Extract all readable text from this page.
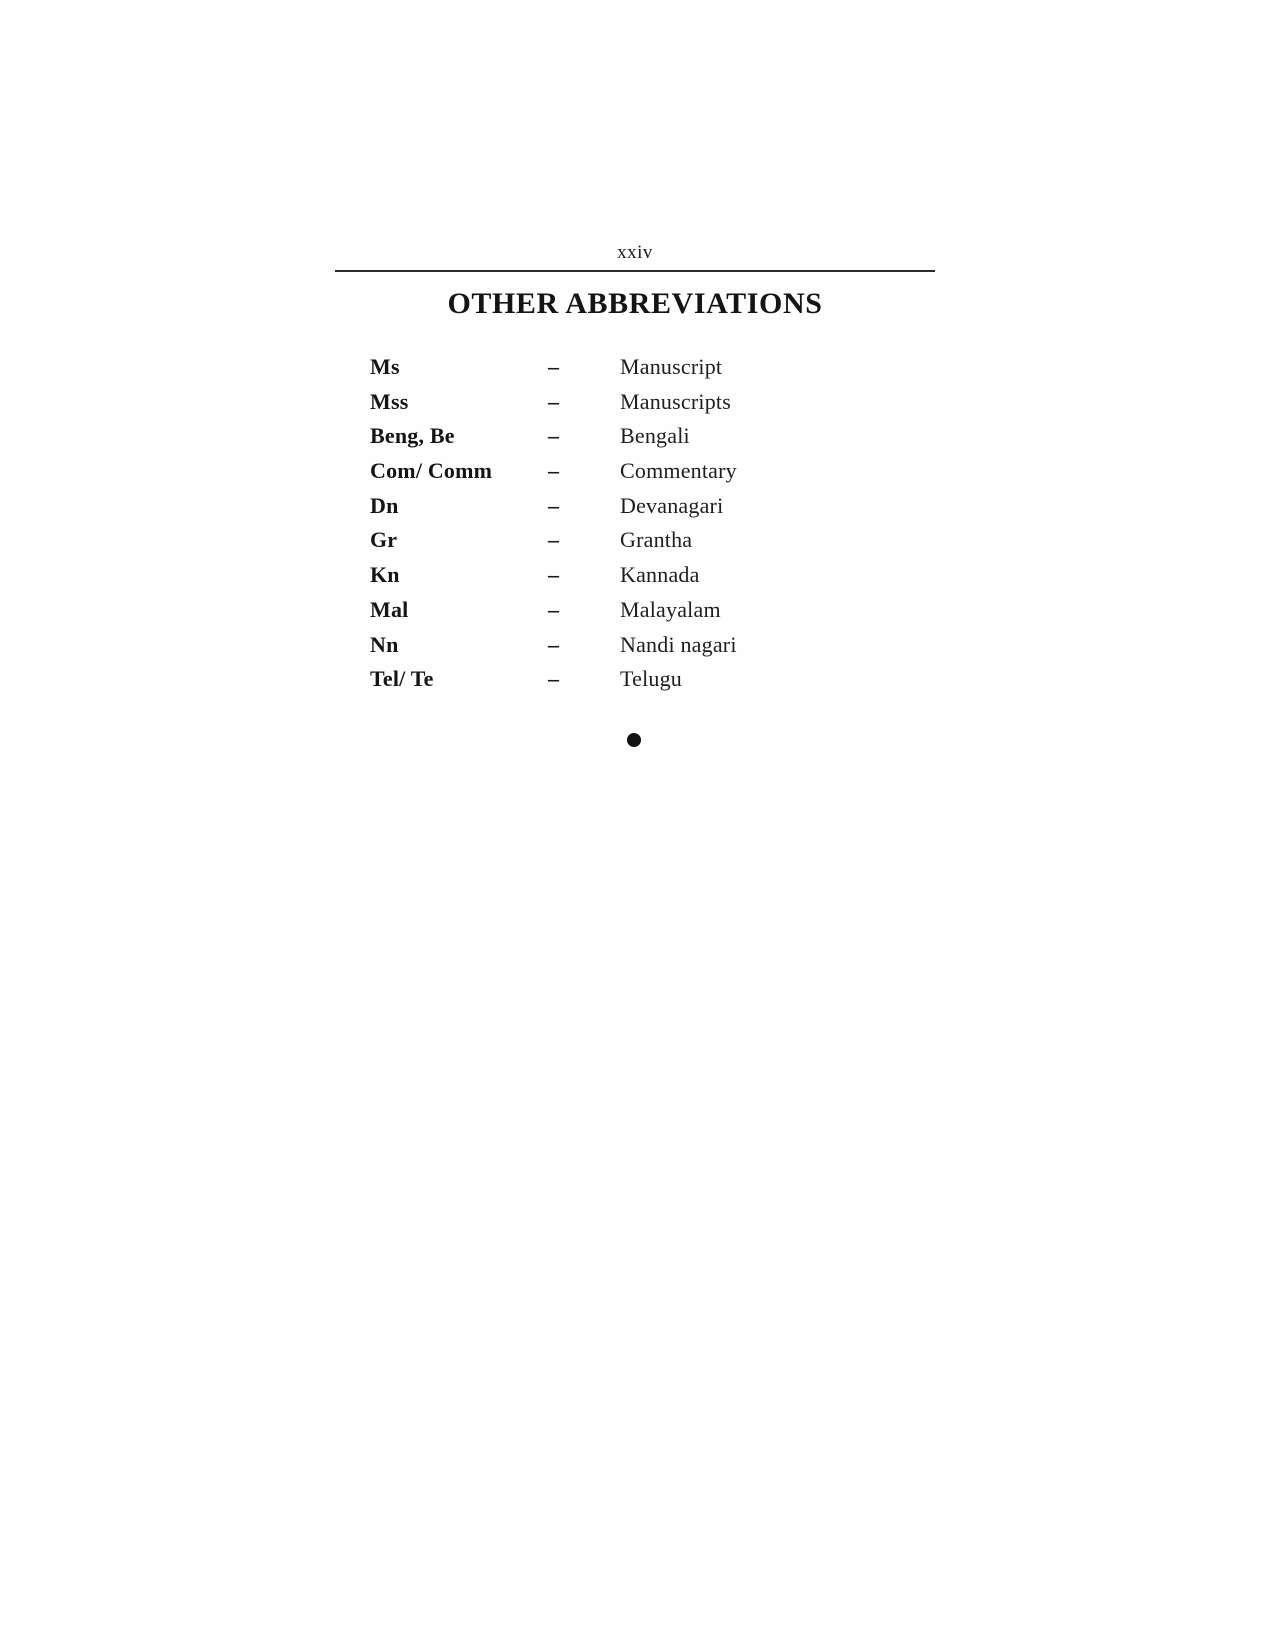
xxiv
OTHER ABBREVIATIONS
Ms	–	Manuscript
Mss	–	Manuscripts
Beng, Be	–	Bengali
Com/ Comm	–	Commentary
Dn	–	Devanagari
Gr	–	Grantha
Kn	–	Kannada
Mal	–	Malayalam
Nn	–	Nandi nagari
Tel/ Te	–	Telugu
